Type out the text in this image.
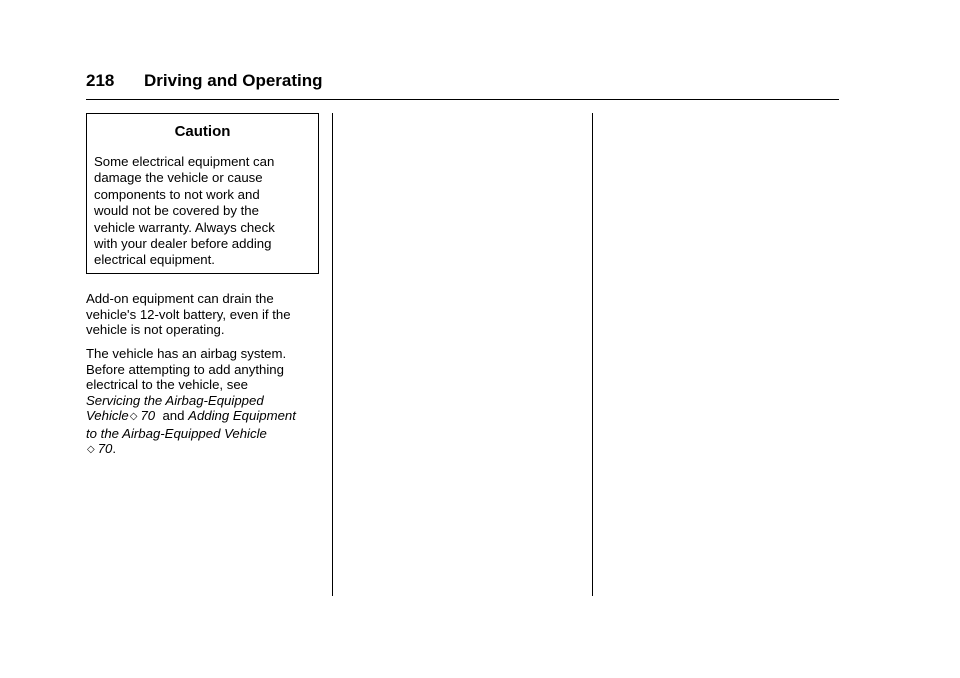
218 Driving and Operating
Caution
Some electrical equipment can
damage the vehicle or cause
components to not work and
would not be covered by the
vehicle warranty. Always check
with your dealer before adding
electrical equipment.
Add-on equipment can drain the
vehicle's 12-volt battery, even if the
vehicle is not operating.
The vehicle has an airbag system.
Before attempting to add anything
electrical to the vehicle, see
Servicing the Airbag-Equipped
Vehicle◇ 70 and Adding Equipment
to the Airbag-Equipped Vehicle
◇ 70.
